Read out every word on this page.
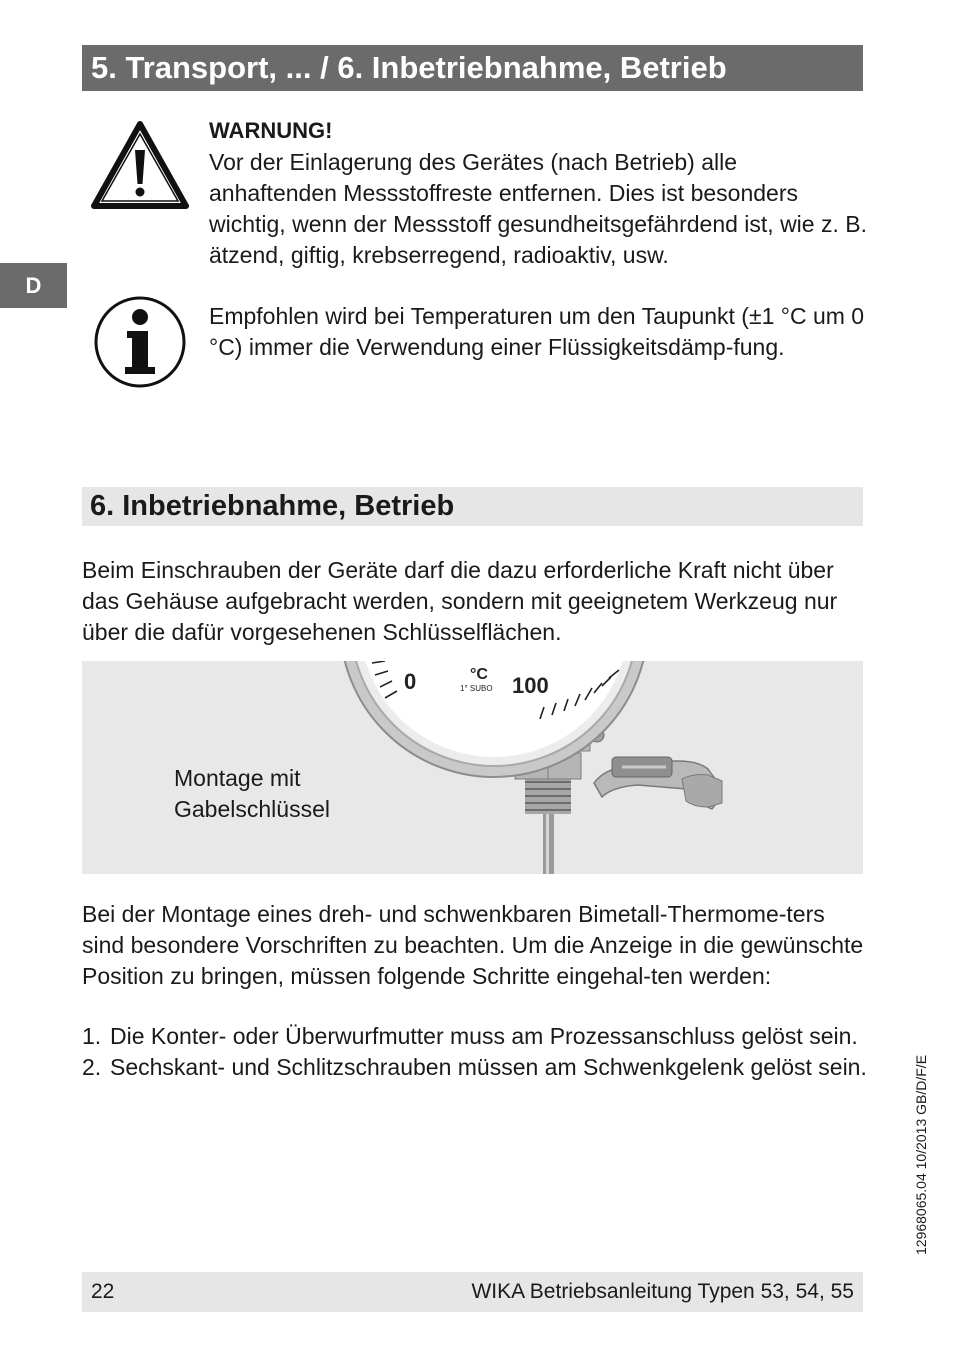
5. Transport, ... / 6. Inbetriebnahme, Betrieb
D
WARNUNG!
Vor der Einlagerung des Gerätes (nach Betrieb) alle anhaftenden Messstoffreste entfernen. Dies ist besonders wichtig, wenn der Messstoff gesundheitsgefährdend ist, wie z. B. ätzend, giftig, krebserregend, radioaktiv, usw.
Empfohlen wird bei Temperaturen um den Taupunkt (±1 °C um 0 °C) immer die Verwendung einer Flüssigkeitsdämp-fung.
6. Inbetriebnahme, Betrieb
Beim Einschrauben der Geräte darf die dazu erforderliche Kraft nicht über das Gehäuse aufgebracht werden, sondern mit geeignetem Werkzeug nur über die dafür vorgesehenen Schlüsselflächen.
0	°C
1° SUBO 100
Montage mit
Gabelschlüssel
Bei der Montage eines dreh- und schwenkbaren Bimetall-Thermome-ters sind besondere Vorschriften zu beachten. Um die Anzeige in die gewünschte Position zu bringen, müssen folgende Schritte eingehal-ten werden:
1. Die Konter- oder Überwurfmutter muss am Prozessanschluss gelöst sein.
2. Sechskant- und Schlitzschrauben müssen am Schwenkgelenk gelöst sein.	12968065.04 10/2013 GB/D/F/E
22	WIKA Betriebsanleitung Typen 53, 54, 55
